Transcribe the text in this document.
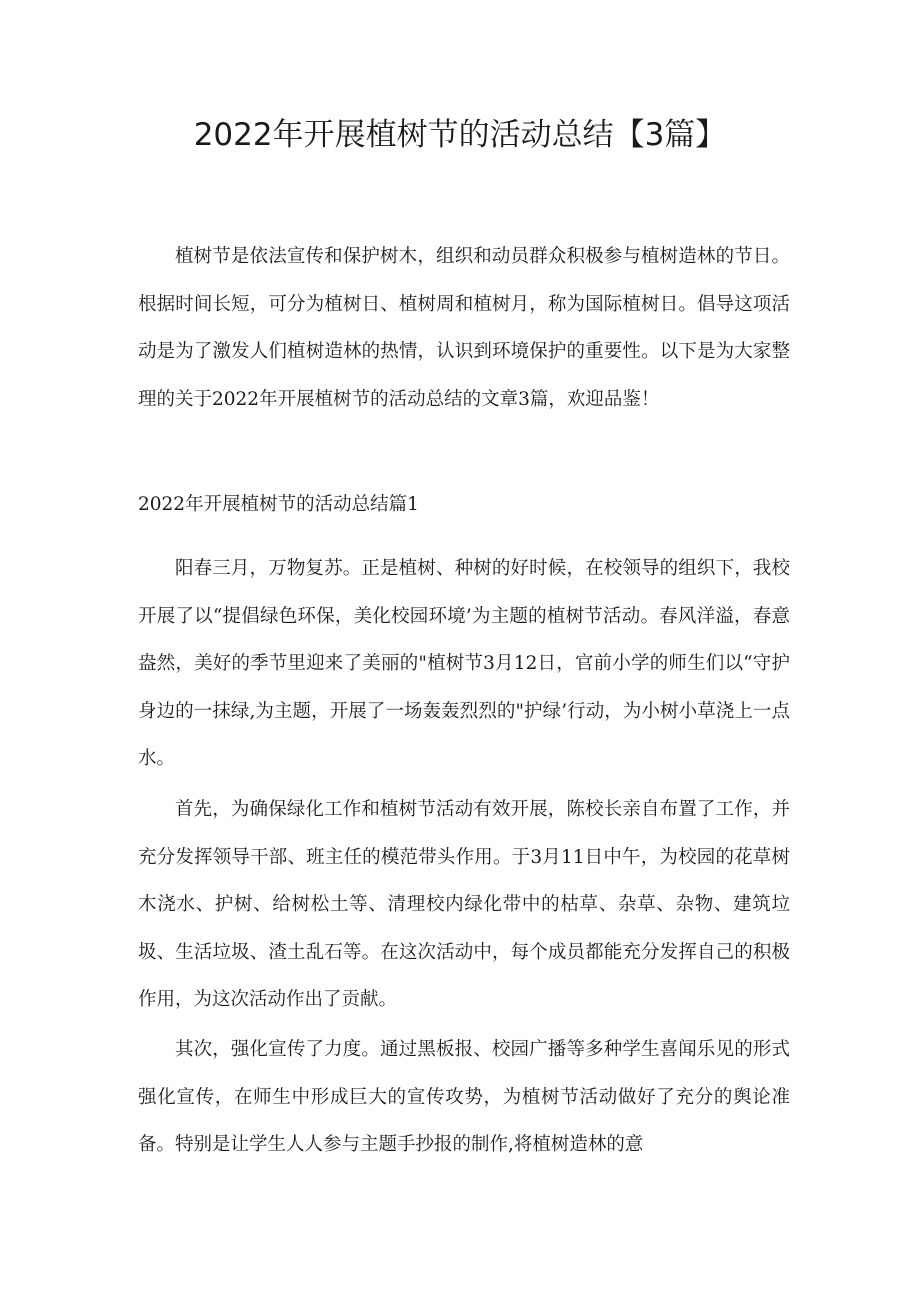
2022年开展植树节的活动总结【3篇】

植树节是依法宣传和保护树木，组织和动员群众积极参与植树造林的节日。根据时间长短，可分为植树日、植树周和植树月，称为国际植树日。倡导这项活动是为了激发人们植树造林的热情，认识到环境保护的重要性。以下是为大家整理的关于2022年开展植树节的活动总结的文章3篇，欢迎品鉴！

2022年开展植树节的活动总结篇1

阳春三月，万物复苏。正是植树、种树的好时候，在校领导的组织下，我校开展了以“提倡绿色环保，美化校园环境’为主题的植树节活动。春风洋溢，春意盎然，美好的季节里迎来了美丽的"植树节3月12日，官前小学的师生们以“守护身边的一抹绿,为主题，开展了一场轰轰烈烈的"护绿’行动，为小树小草浇上一点水。

首先，为确保绿化工作和植树节活动有效开展，陈校长亲自布置了工作，并充分发挥领导干部、班主任的模范带头作用。于3月11日中午，为校园的花草树木浇水、护树、给树松土等、清理校内绿化带中的枯草、杂草、杂物、建筑垃圾、生活垃圾、渣土乱石等。在这次活动中，每个成员都能充分发挥自己的积极作用，为这次活动作出了贡献。

其次，强化宣传了力度。通过黑板报、校园广播等多种学生喜闻乐见的形式强化宣传，在师生中形成巨大的宣传攻势，为植树节活动做好了充分的舆论准备。特别是让学生人人参与主题手抄报的制作,将植树造林的意
